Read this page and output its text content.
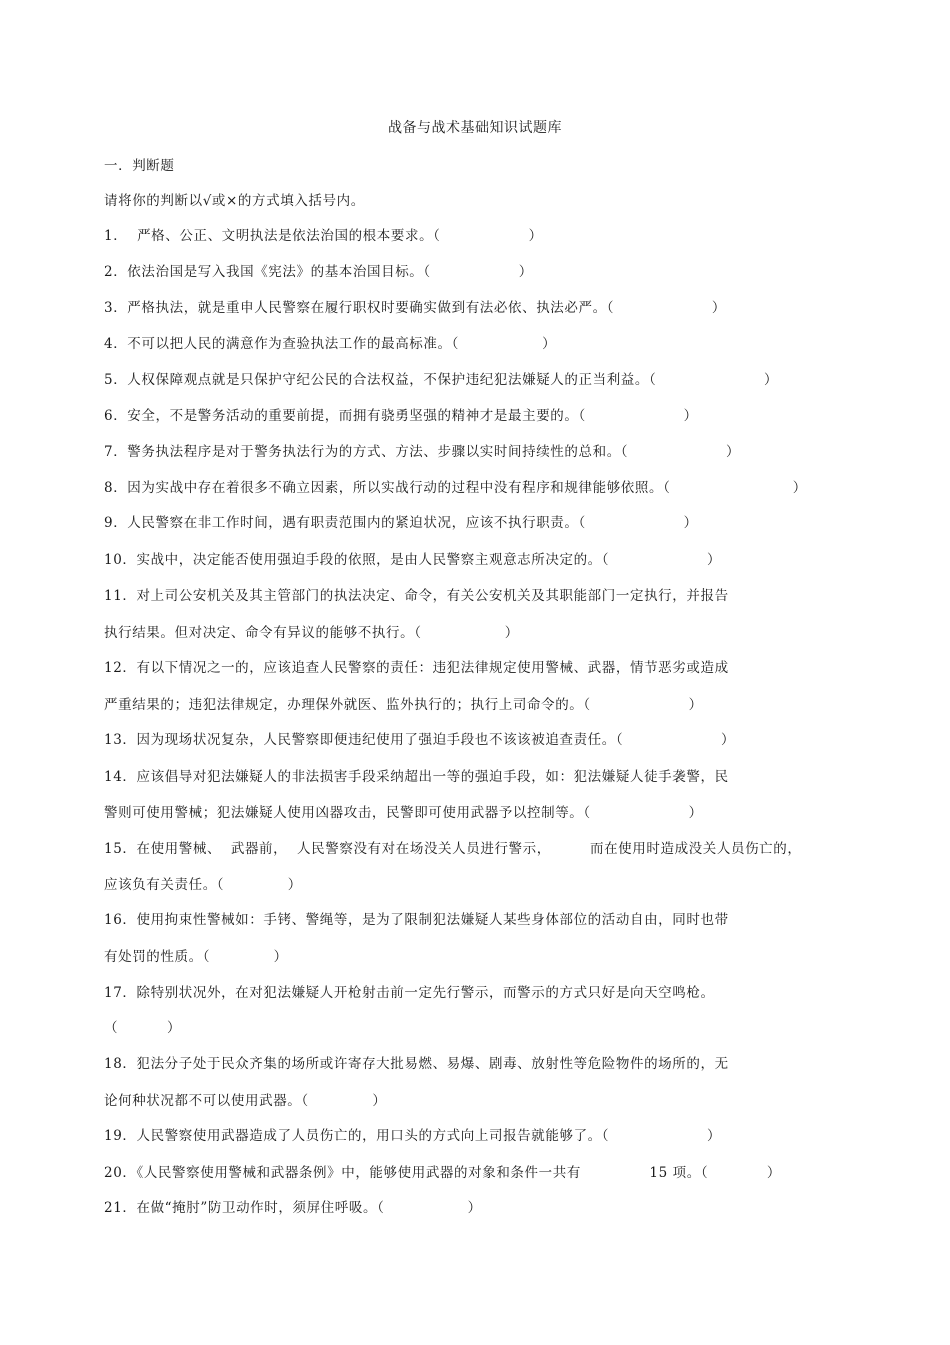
战备与战术基础知识试题库
一．判断题
请将你的判断以√或×的方式填入括号内。
1．  严格、公正、文明执法是依法治国的根本要求。（                  ）
2．依法治国是写入我国《宪法》的基本治国目标。（                  ）
3．严格执法，就是重申人民警察在履行职权时要确实做到有法必依、执法必严。（                    ）
4．不可以把人民的满意作为查验执法工作的最高标准。（                 ）
5．人权保障观点就是只保护守纪公民的合法权益，不保护违纪犯法嫌疑人的正当利益。（                      ）
6．安全，不是警务活动的重要前提，而拥有骁勇坚强的精神才是最主要的。（                    ）
7．警务执法程序是对于警务执法行为的方式、方法、步骤以实时间持续性的总和。（                    ）
8．因为实战中存在着很多不确立因素，所以实战行动的过程中没有程序和规律能够依照。（                         ）
9．人民警察在非工作时间，遇有职责范围内的紧迫状况，应该不执行职责。（                    ）
10．实战中，决定能否使用强迫手段的依照，是由人民警察主观意志所决定的。（                    ）
11．对上司公安机关及其主管部门的执法决定、命令，有关公安机关及其职能部门一定执行，并报告
执行结果。但对决定、命令有异议的能够不执行。（                 ）
12．有以下情况之一的，应该追查人民警察的责任：违犯法律规定使用警械、武器，情节恶劣或造成
严重结果的；违犯法律规定，办理保外就医、监外执行的；执行上司命令的。（                    ）
13．因为现场状况复杂，人民警察即便违纪使用了强迫手段也不该该被追查责任。（                    ）
14．应该倡导对犯法嫌疑人的非法损害手段采纳超出一等的强迫手段，如：犯法嫌疑人徒手袭警，民
警则可使用警械；犯法嫌疑人使用凶器攻击，民警即可使用武器予以控制等。（                    ）
15．在使用警械、  武器前，  人民警察没有对在场没关人员进行警示，        而在使用时造成没关人员伤亡的，
应该负有关责任。（             ）
16．使用拘束性警械如：手铐、警绳等，是为了限制犯法嫌疑人某些身体部位的活动自由，同时也带
有处罚的性质。（             ）
17．除特别状况外，在对犯法嫌疑人开枪射击前一定先行警示，而警示的方式只好是向天空鸣枪。
（          ）
18．犯法分子处于民众齐集的场所或许寄存大批易燃、易爆、剧毒、放射性等危险物件的场所的，无
论何种状况都不可以使用武器。（             ）
19．人民警察使用武器造成了人员伤亡的，用口头的方式向上司报告就能够了。（                    ）
20．《人民警察使用警械和武器条例》中，能够使用武器的对象和条件一共有              15 项。（            ）
21．在做“掩肘”防卫动作时，须屏住呼吸。（                 ）
